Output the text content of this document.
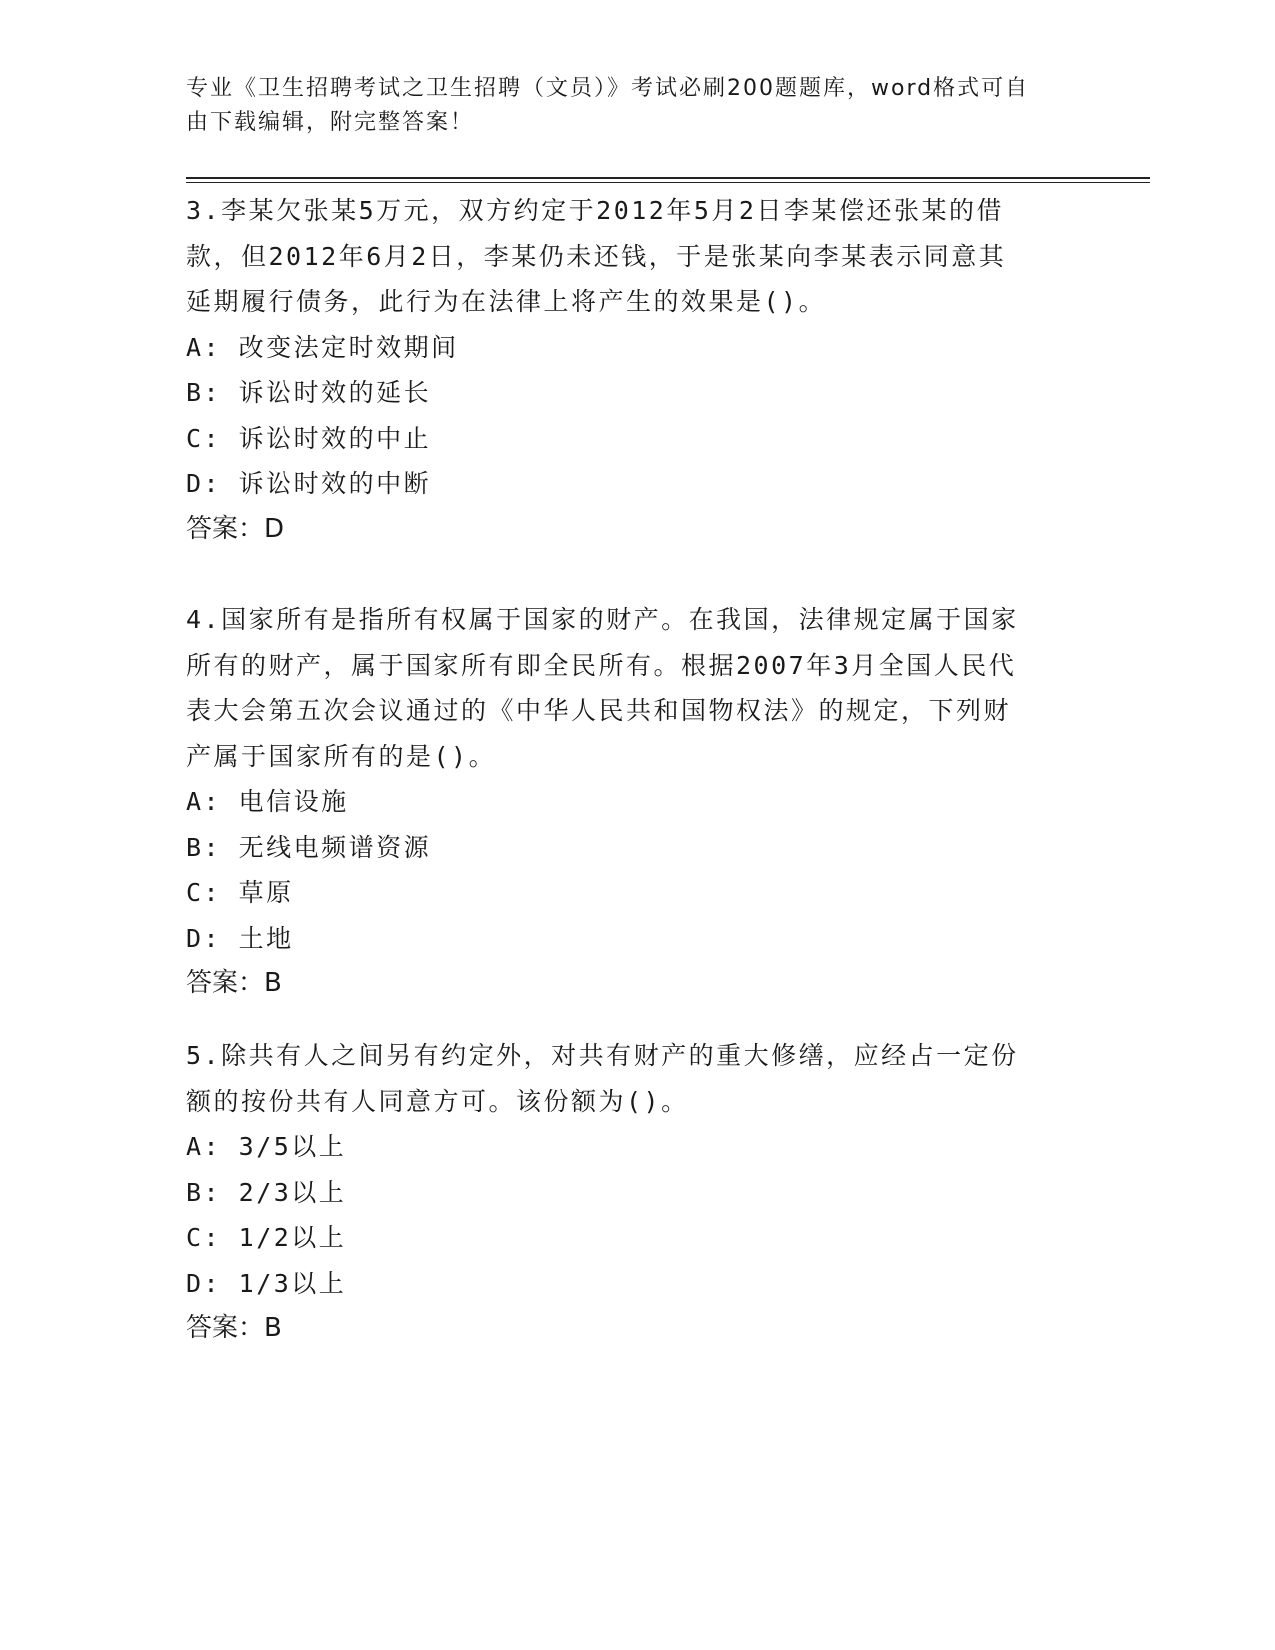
专业《卫生招聘考试之卫生招聘（文员）》考试必刷200题题库，word格式可自
由下载编辑，附完整答案！

3.李某欠张某5万元，双方约定于2012年5月2日李某偿还张某的借

款，但2012年6月2日，李某仍未还钱，于是张某向李某表示同意其

延期履行债务，此行为在法律上将产生的效果是()。

A: 改变法定时效期间

B: 诉讼时效的延长

C: 诉讼时效的中止

D: 诉讼时效的中断

答案：D

4.国家所有是指所有权属于国家的财产。在我国，法律规定属于国家

所有的财产，属于国家所有即全民所有。根据2007年3月全国人民代

表大会第五次会议通过的《中华人民共和国物权法》的规定，下列财

产属于国家所有的是()。

A: 电信设施

B: 无线电频谱资源

C: 草原

D: 土地

答案：B

5.除共有人之间另有约定外，对共有财产的重大修缮，应经占一定份

额的按份共有人同意方可。该份额为()。

A: 3/5以上

B: 2/3以上

C: 1/2以上

D: 1/3以上

答案：B
